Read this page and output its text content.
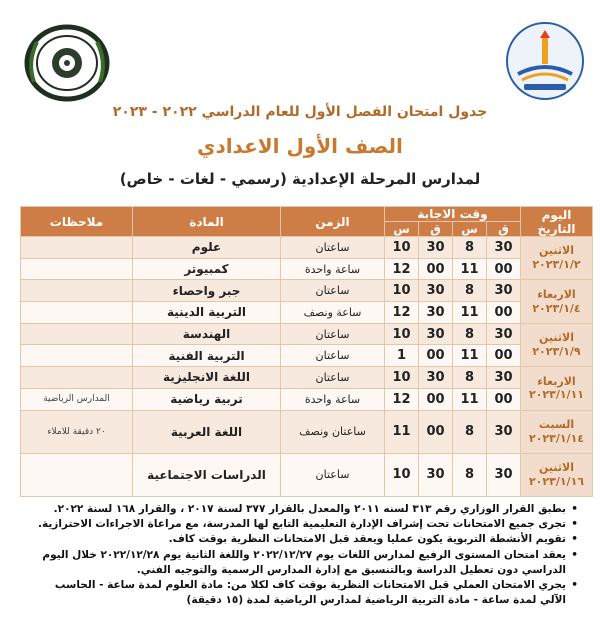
جدول امتحان الفصل الأول للعام الدراسي ٢٠٢٢ - ٢٠٢٣
الصف الأول الاعدادي
لمدارس المرحلة الإعدادية (رسمي - لغات - خاص)
اليوم
التاريخ	وقت الاجابة				الزمن	المادة	ملاحظات
	ق	س	ق	س			
الاثنين
٢٠٢٣/١/٢	30	8	30	10	ساعتان	علوم	
	00	11	00	12	ساعة واحدة	كمبيوتر	
الاربعاء
٢٠٢٣/١/٤	30	8	30	10	ساعتان	جبر واحصاء	
	00	11	30	12	ساعة ونصف	التربية الدينية	
الاثنين
٢٠٢٣/١/٩	30	8	30	10	ساعتان	الهندسة	
	00	11	00	1	ساعتان	التربية الفنية	
الاربعاء
٢٠٢٣/١/١١	30	8	30	10	ساعتان	اللغة الانجليزية	
	00	11	00	12	ساعة واحدة	تربية رياضية	المدارس الرياضية
السبت
٢٠٢٣/١/١٤	30	8	00	11	ساعتان ونصف	اللغة العربية	٢٠ دقيقة للاملاء
الاثنين
٢٠٢٣/١/١٦	30	8	30	10	ساعتان	الدراسات الاجتماعية	
• بطبق القرار الوزاري رقم ٣١٣ لسنه ٢٠١١ والمعدل بالقرار ٣٧٧ لسنة ٢٠١٧ ، والقرار ١٦٨ لسنة ٢٠٢٢.
• تجرى جميع الامتحانات تحت إشراف الإدارة التعليمية التابع لها المدرسة، مع مراعاة الاجراءات الاحترازية.
• تقويم الأنشطة التربوية يكون عمليا ويعقد قبل الامتحانات النظرية بوقت كاف.
• يعقد امتحان المستوى الرفيع لمدارس اللغات يوم ٢٠٢٢/١٢/٢٧ واللغة الثانية يوم ٢٠٢٢/١٢/٢٨ خلال اليوم الدراسي دون تعطيل الدراسة وبالتنسيق مع إدارة المدارس الرسمية والتوجيه الفني.
• يجري الامتحان العملي قبل الامتحانات النظرية بوقت كاف لكلا من: مادة العلوم لمدة ساعة - الحاسب الآلي لمدة ساعة - مادة التربية الرياضية لمدارس الرياضية لمدة (١٥ دقيقة)
